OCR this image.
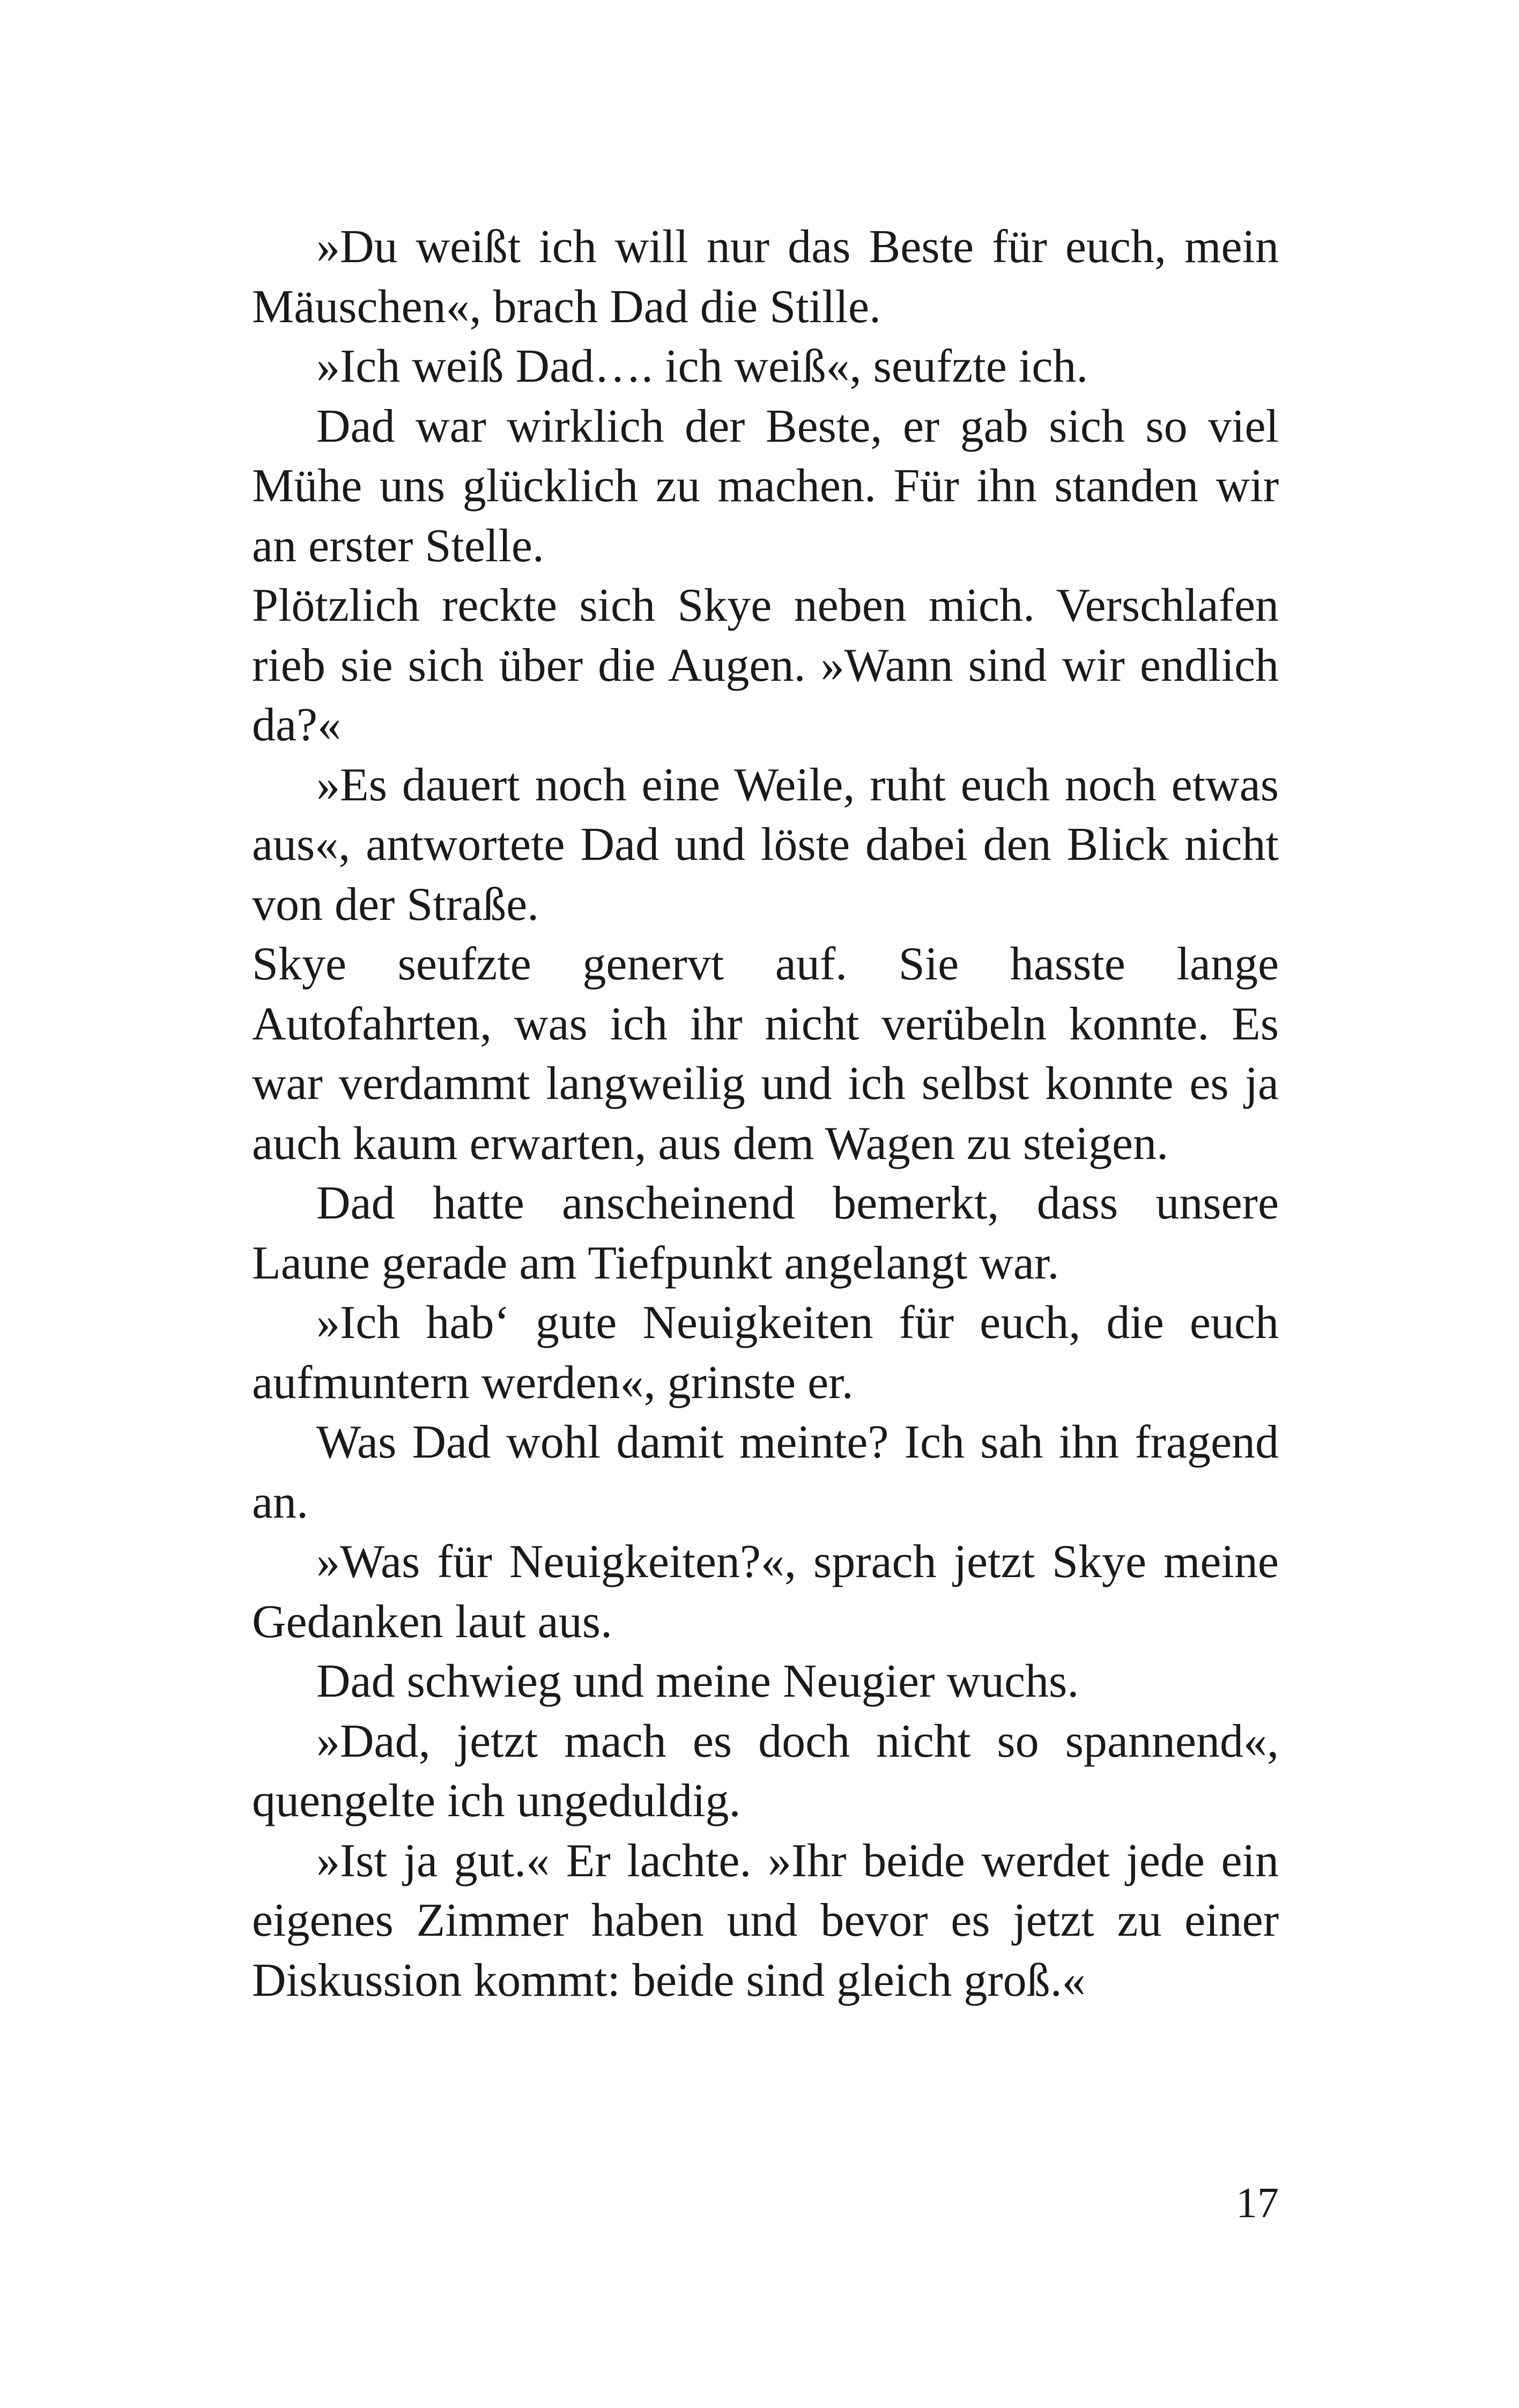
»Du weißt ich will nur das Beste für euch, mein Mäuschen«, brach Dad die Stille.

»Ich weiß Dad…. ich weiß«, seufzte ich.

Dad war wirklich der Beste, er gab sich so viel Mühe uns glücklich zu machen. Für ihn standen wir an erster Stelle.

Plötzlich reckte sich Skye neben mich. Verschlafen rieb sie sich über die Augen. »Wann sind wir endlich da?«

»Es dauert noch eine Weile, ruht euch noch etwas aus«, antwortete Dad und löste dabei den Blick nicht von der Straße.

Skye seufzte genervt auf. Sie hasste lange Autofahrten, was ich ihr nicht verübeln konnte. Es war verdammt langweilig und ich selbst konnte es ja auch kaum erwarten, aus dem Wagen zu steigen.

Dad hatte anscheinend bemerkt, dass unsere Laune gerade am Tiefpunkt angelangt war.

»Ich hab‘ gute Neuigkeiten für euch, die euch aufmuntern werden«, grinste er.

Was Dad wohl damit meinte? Ich sah ihn fragend an.

»Was für Neuigkeiten?«, sprach jetzt Skye meine Gedanken laut aus.

Dad schwieg und meine Neugier wuchs.

»Dad, jetzt mach es doch nicht so spannend«, quengelte ich ungeduldig.

»Ist ja gut.« Er lachte. »Ihr beide werdet jede ein eigenes Zimmer haben und bevor es jetzt zu einer Diskussion kommt: beide sind gleich groß.«

17
